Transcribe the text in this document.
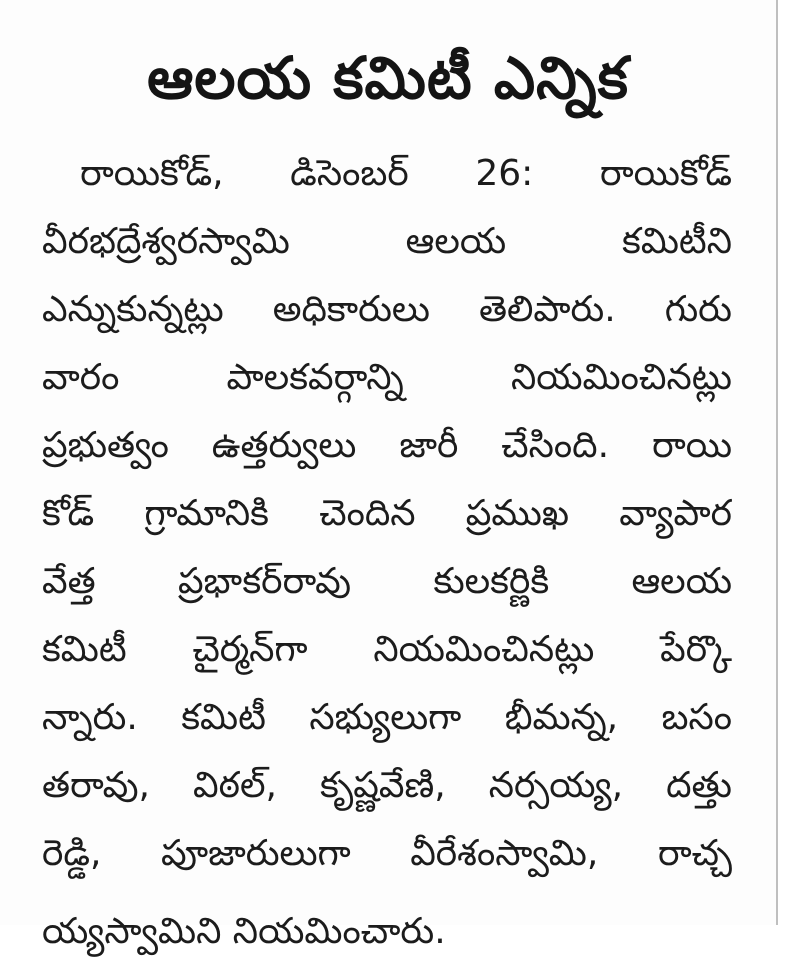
ఆలయ కమిటీ ఎన్నిక
రాయికోడ్, డిసెంబర్ 26: రాయికోడ్
వీరభద్రేశ్వరస్వామి ఆలయ కమిటీని
ఎన్నుకున్నట్లు అధికారులు తెలిపారు. గురు
వారం పాలకవర్గాన్ని నియమించినట్లు
ప్రభుత్వం ఉత్తర్వులు జారీ చేసింది. రాయి
కోడ్ గ్రామానికి చెందిన ప్రముఖ వ్యాపార
వేత్త ప్రభాకర్‌రావు కులకర్ణికి ఆలయ
కమిటీ చైర్మన్‌గా నియమించినట్లు పేర్కొ
న్నారు. కమిటీ సభ్యులుగా భీమన్న, బసం
తరావు, విఠల్, కృష్ణవేణి, నర్సయ్య, దత్తు
రెడ్డి, పూజారులుగా వీరేశంస్వామి, రాచ్చ
య్యస్వామిని నియమించారు.
